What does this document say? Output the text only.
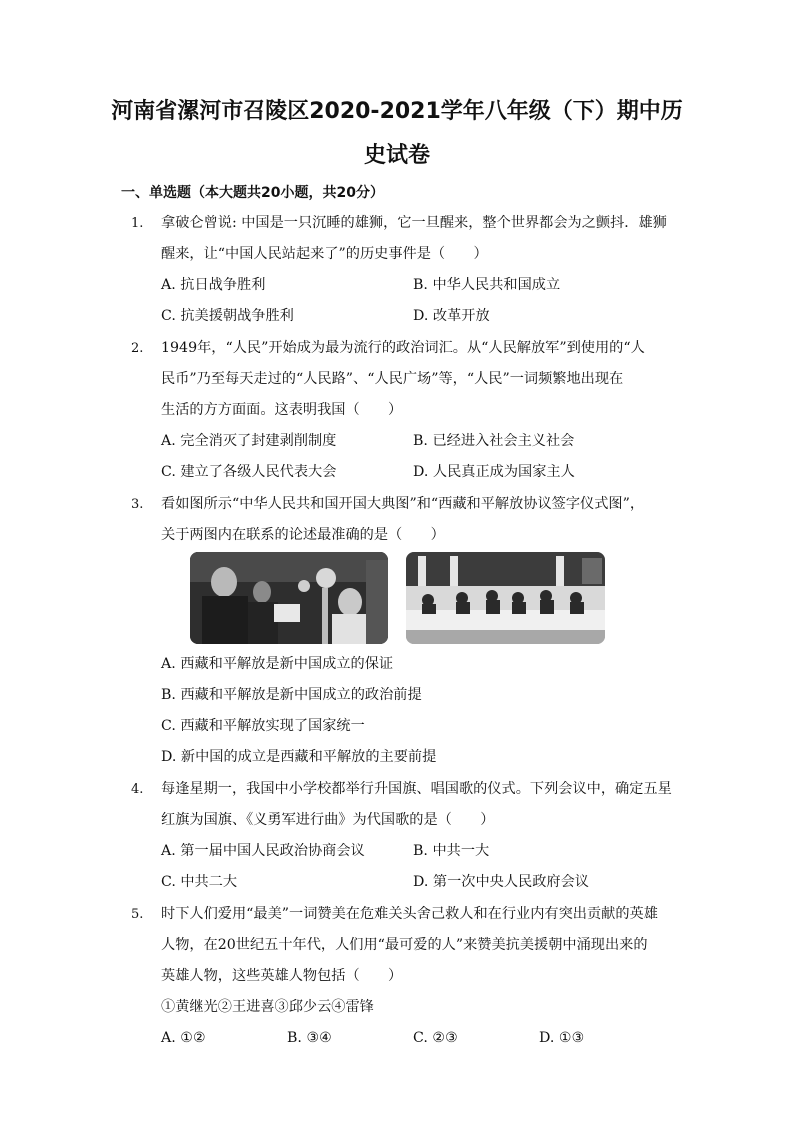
河南省漯河市召陵区2020-2021学年八年级（下）期中历
史试卷
一、单选题（本大题共20小题，共20分）
1. 拿破仑曾说: 中国是一只沉睡的雄狮，它一旦醒来，整个世界都会为之颤抖．雄狮
醒来，让“中国人民站起来了”的历史事件是（　　）
A. 抗日战争胜利	B. 中华人民共和国成立
C. 抗美援朝战争胜利	D. 改革开放
2. 1949年，“人民”开始成为最为流行的政治词汇。从“人民解放军”到使用的“人
民币”乃至每天走过的“人民路”、“人民广场”等，“人民”一词频繁地出现在
生活的方方面面。这表明我国（　　）
A. 完全消灭了封建剥削制度	B. 已经进入社会主义社会
C. 建立了各级人民代表大会	D. 人民真正成为国家主人
3. 看如图所示“中华人民共和国开国大典图”和“西藏和平解放协议签字仪式图”，
关于两图内在联系的论述最准确的是（　　）
A. 西藏和平解放是新中国成立的保证
B. 西藏和平解放是新中国成立的政治前提
C. 西藏和平解放实现了国家统一
D. 新中国的成立是西藏和平解放的主要前提
4. 每逢星期一，我国中小学校都举行升国旗、唱国歌的仪式。下列会议中，确定五星
红旗为国旗、《义勇军进行曲》为代国歌的是（　　）
A. 第一届中国人民政治协商会议	B. 中共一大
C. 中共二大	D. 第一次中央人民政府会议
5. 时下人们爱用“最美”一词赞美在危难关头舍己救人和在行业内有突出贡献的英雄
人物，在20世纪五十年代，人们用“最可爱的人”来赞美抗美援朝中涌现出来的
英雄人物，这些英雄人物包括（　　）
①黄继光②王进喜③邱少云④雷锋
A. ①②	B. ③④	C. ②③	D. ①③
